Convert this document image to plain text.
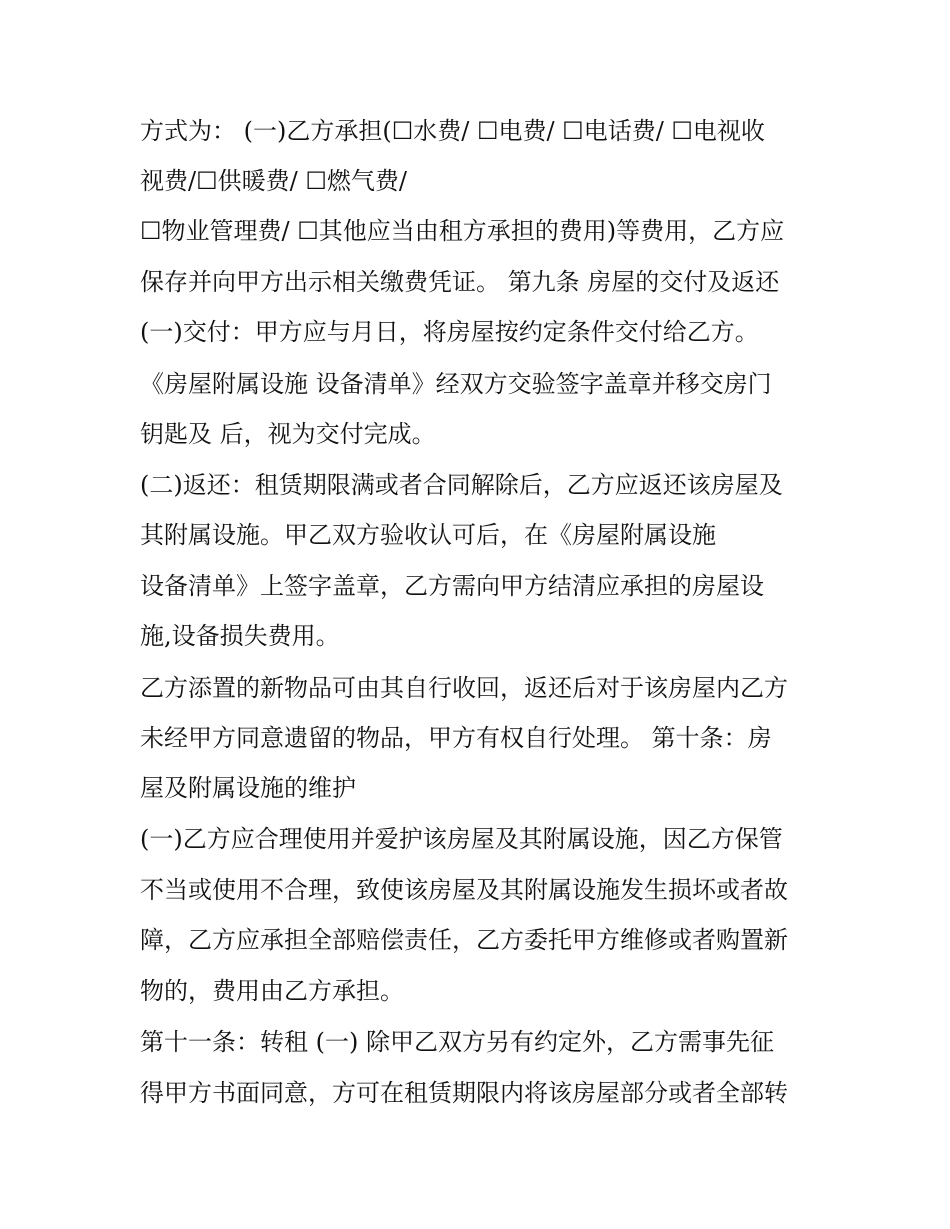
方式为： (一)乙方承担(☐水费/ ☐电费/ ☐电话费/ ☐电视收
视费/☐供暖费/ ☐燃气费/
☐物业管理费/ ☐其他应当由租方承担的费用)等费用，乙方应
保存并向甲方出示相关缴费凭证。 第九条 房屋的交付及返还
(一)交付：甲方应与月日，将房屋按约定条件交付给乙方。
《房屋附属设施 设备清单》经双方交验签字盖章并移交房门
钥匙及 后，视为交付完成。
(二)返还：租赁期限满或者合同解除后，乙方应返还该房屋及
其附属设施。甲乙双方验收认可后，在《房屋附属设施
设备清单》上签字盖章，乙方需向甲方结清应承担的房屋设
施,设备损失费用。
乙方添置的新物品可由其自行收回，返还后对于该房屋内乙方
未经甲方同意遗留的物品，甲方有权自行处理。 第十条：房
屋及附属设施的维护
(一)乙方应合理使用并爱护该房屋及其附属设施，因乙方保管
不当或使用不合理，致使该房屋及其附属设施发生损坏或者故
障，乙方应承担全部赔偿责任，乙方委托甲方维修或者购置新
物的，费用由乙方承担。
第十一条：转租 (一) 除甲乙双方另有约定外，乙方需事先征
得甲方书面同意，方可在租赁期限内将该房屋部分或者全部转
